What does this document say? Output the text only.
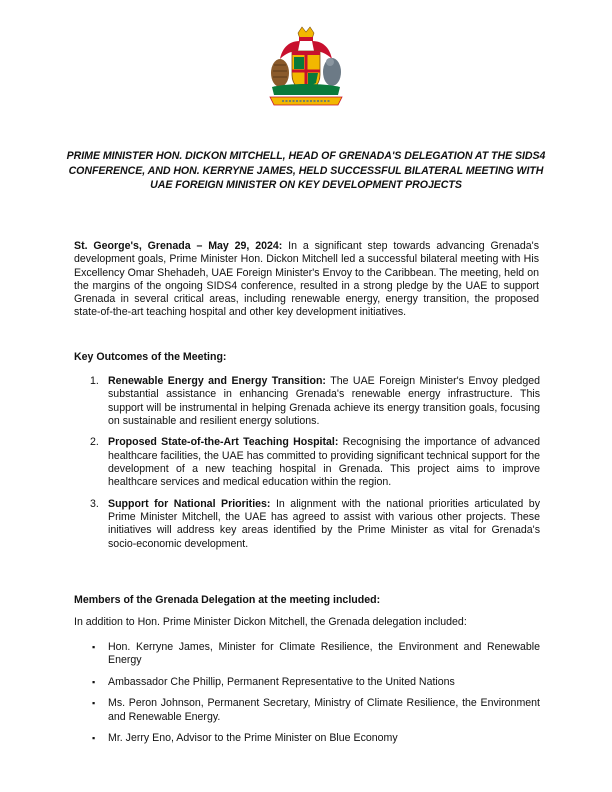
PRIME MINISTER HON. DICKON MITCHELL, HEAD OF GRENADA'S DELEGATION AT THE SIDS4 CONFERENCE, AND HON. KERRYNE JAMES, HELD SUCCESSFUL BILATERAL MEETING WITH UAE FOREIGN MINISTER ON KEY DEVELOPMENT PROJECTS
St. George's, Grenada – May 29, 2024: In a significant step towards advancing Grenada's development goals, Prime Minister Hon. Dickon Mitchell led a successful bilateral meeting with His Excellency Omar Shehadeh, UAE Foreign Minister's Envoy to the Caribbean. The meeting, held on the margins of the ongoing SIDS4 conference, resulted in a strong pledge by the UAE to support Grenada in several critical areas, including renewable energy, energy transition, the proposed state-of-the-art teaching hospital and other key development initiatives.
Key Outcomes of the Meeting:
1. Renewable Energy and Energy Transition: The UAE Foreign Minister's Envoy pledged substantial assistance in enhancing Grenada's renewable energy infrastructure. This support will be instrumental in helping Grenada achieve its energy transition goals, focusing on sustainable and resilient energy solutions.
2. Proposed State-of-the-Art Teaching Hospital: Recognising the importance of advanced healthcare facilities, the UAE has committed to providing significant technical support for the development of a new teaching hospital in Grenada. This project aims to improve healthcare services and medical education within the region.
3. Support for National Priorities: In alignment with the national priorities articulated by Prime Minister Mitchell, the UAE has agreed to assist with various other projects. These initiatives will address key areas identified by the Prime Minister as vital for Grenada's socio-economic development.
Members of the Grenada Delegation at the meeting included:
In addition to Hon. Prime Minister Dickon Mitchell, the Grenada delegation included:
▪ Hon. Kerryne James, Minister for Climate Resilience, the Environment and Renewable Energy
▪ Ambassador Che Phillip, Permanent Representative to the United Nations
▪ Ms. Peron Johnson, Permanent Secretary, Ministry of Climate Resilience, the Environment and Renewable Energy.
▪ Mr. Jerry Eno, Advisor to the Prime Minister on Blue Economy
